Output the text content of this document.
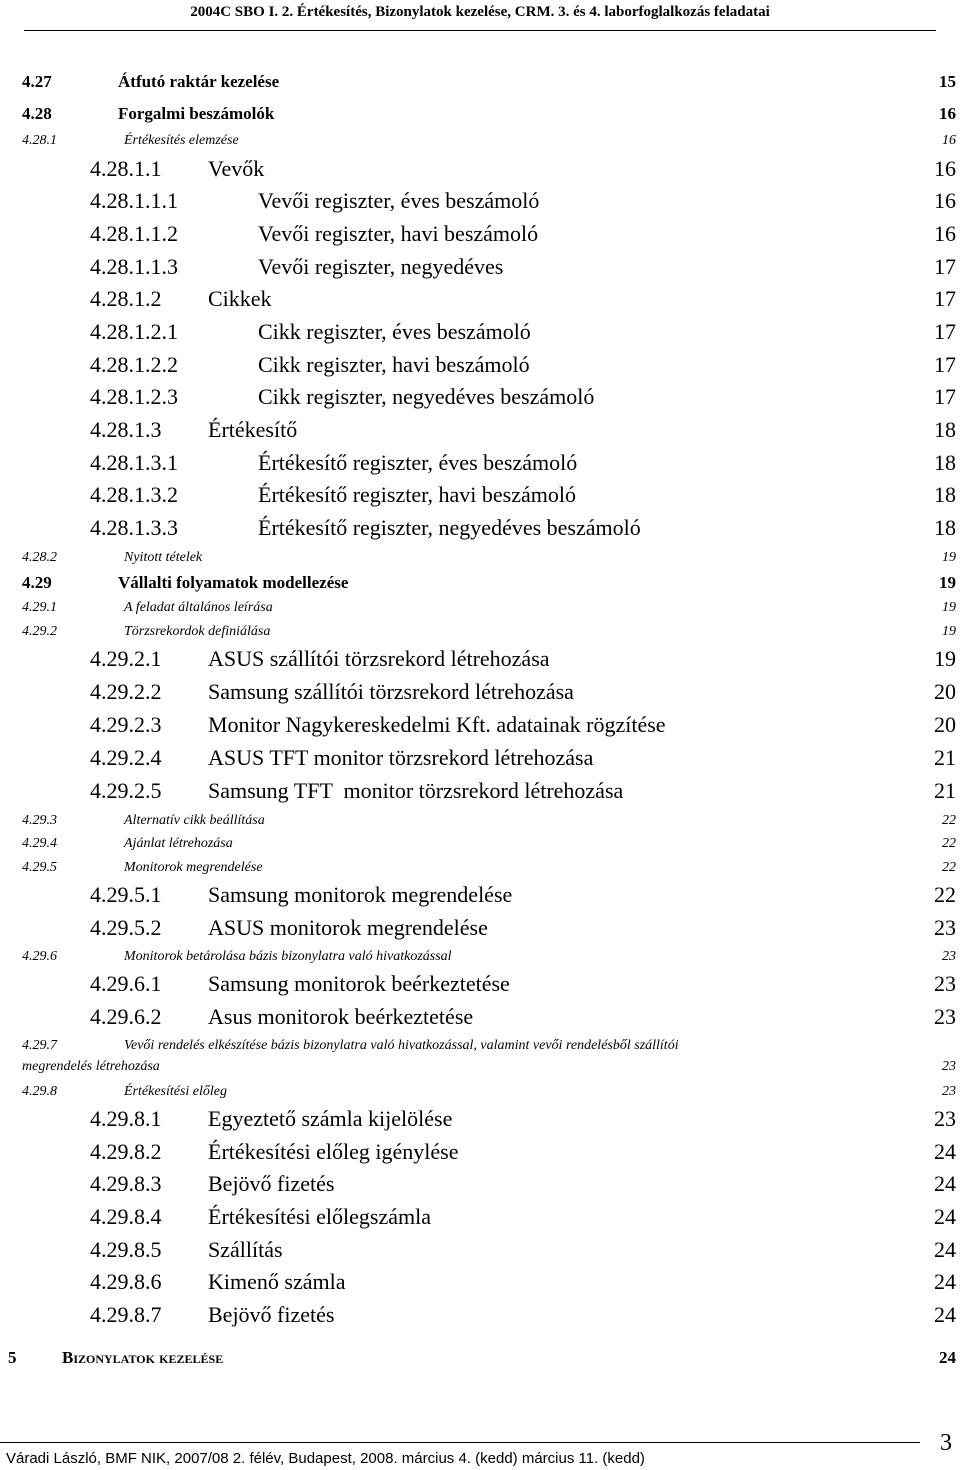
2004C SBO I. 2. Értékesítés, Bizonylatok kezelése, CRM. 3. és 4. laborfoglalkozás feladatai
4.27	Átfutó raktár kezelése	15
4.28	Forgalmi beszámolók	16
4.28.1	Értékesítés elemzése	16
4.28.1.1	Vevők	16
4.28.1.1.1	Vevői regiszter, éves beszámoló	16
4.28.1.1.2	Vevői regiszter, havi beszámoló	16
4.28.1.1.3	Vevői regiszter, negyedéves	17
4.28.1.2	Cikkek	17
4.28.1.2.1	Cikk regiszter, éves beszámoló	17
4.28.1.2.2	Cikk regiszter, havi beszámoló	17
4.28.1.2.3	Cikk regiszter, negyedéves beszámoló	17
4.28.1.3	Értékesítő	18
4.28.1.3.1	Értékesítő regiszter, éves beszámoló	18
4.28.1.3.2	Értékesítő regiszter, havi beszámoló	18
4.28.1.3.3	Értékesítő regiszter, negyedéves beszámoló	18
4.28.2	Nyitott tételek	19
4.29	Vállalti folyamatok modellezése	19
4.29.1	A feladat általános leírása	19
4.29.2	Törzsrekordok definiálása	19
4.29.2.1	ASUS szállítói törzsrekord létrehozása	19
4.29.2.2	Samsung szállítói törzsrekord létrehozása	20
4.29.2.3	Monitor Nagykereskedelmi Kft. adatainak rögzítése	20
4.29.2.4	ASUS TFT monitor törzsrekord létrehozása	21
4.29.2.5	Samsung TFT  monitor törzsrekord létrehozása	21
4.29.3	Alternatív cikk beállítása	22
4.29.4	Ajánlat létrehozása	22
4.29.5	Monitorok megrendelése	22
4.29.5.1	Samsung monitorok megrendelése	22
4.29.5.2	ASUS monitorok megrendelése	23
4.29.6	Monitorok betárolása bázis bizonylatra való hivatkozással	23
4.29.6.1	Samsung monitorok beérkeztetése	23
4.29.6.2	Asus monitorok beérkeztetése	23
4.29.7	Vevői rendelés elkészítése bázis bizonylatra való hivatkozással, valamint vevői rendelésből szállítói
megrendelés létrehozása	23
4.29.8	Értékesítési előleg	23
4.29.8.1	Egyeztető számla kijelölése	23
4.29.8.2	Értékesítési előleg igénylése	24
4.29.8.3	Bejövő fizetés	24
4.29.8.4	Értékesítési előlegszámla	24
4.29.8.5	Szállítás	24
4.29.8.6	Kimenő számla	24
4.29.8.7	Bejövő fizetés	24
5	Bizonylatok kezelése	24
Váradi László, BMF NIK, 2007/08 2. félév, Budapest, 2008. március 4. (kedd) március 11. (kedd)
3
